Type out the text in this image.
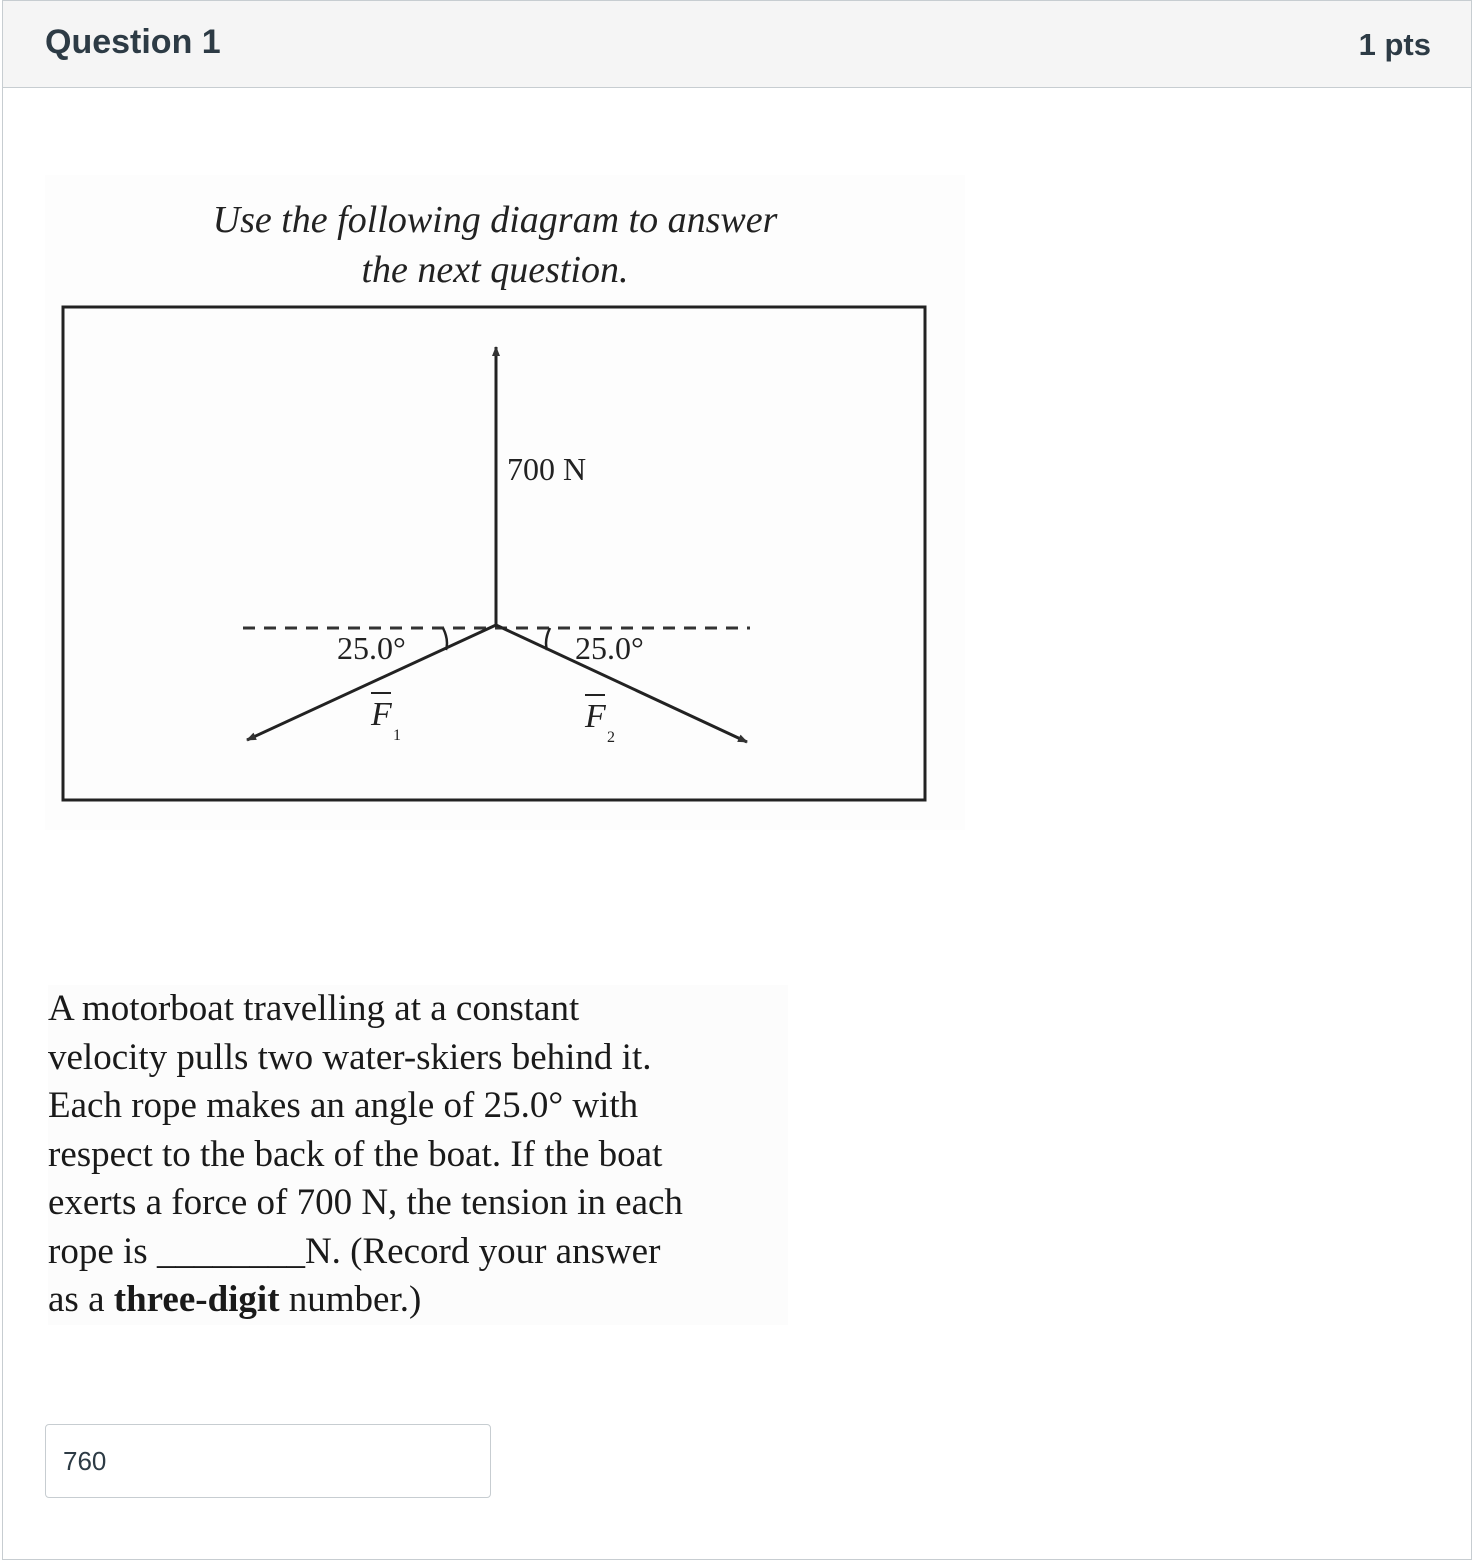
Question 1	1 pts
Use the following diagram to answer
the next question.
700 N
25.0°	25.0°
F
1
F
2
A motorboat travelling at a constant
velocity pulls two water-skiers behind it.
Each rope makes an angle of 25.0° with
respect to the back of the boat. If the boat
exerts a force of 700 N, the tension in each
rope is ________N. (Record your answer
as a three-digit number.)
760
